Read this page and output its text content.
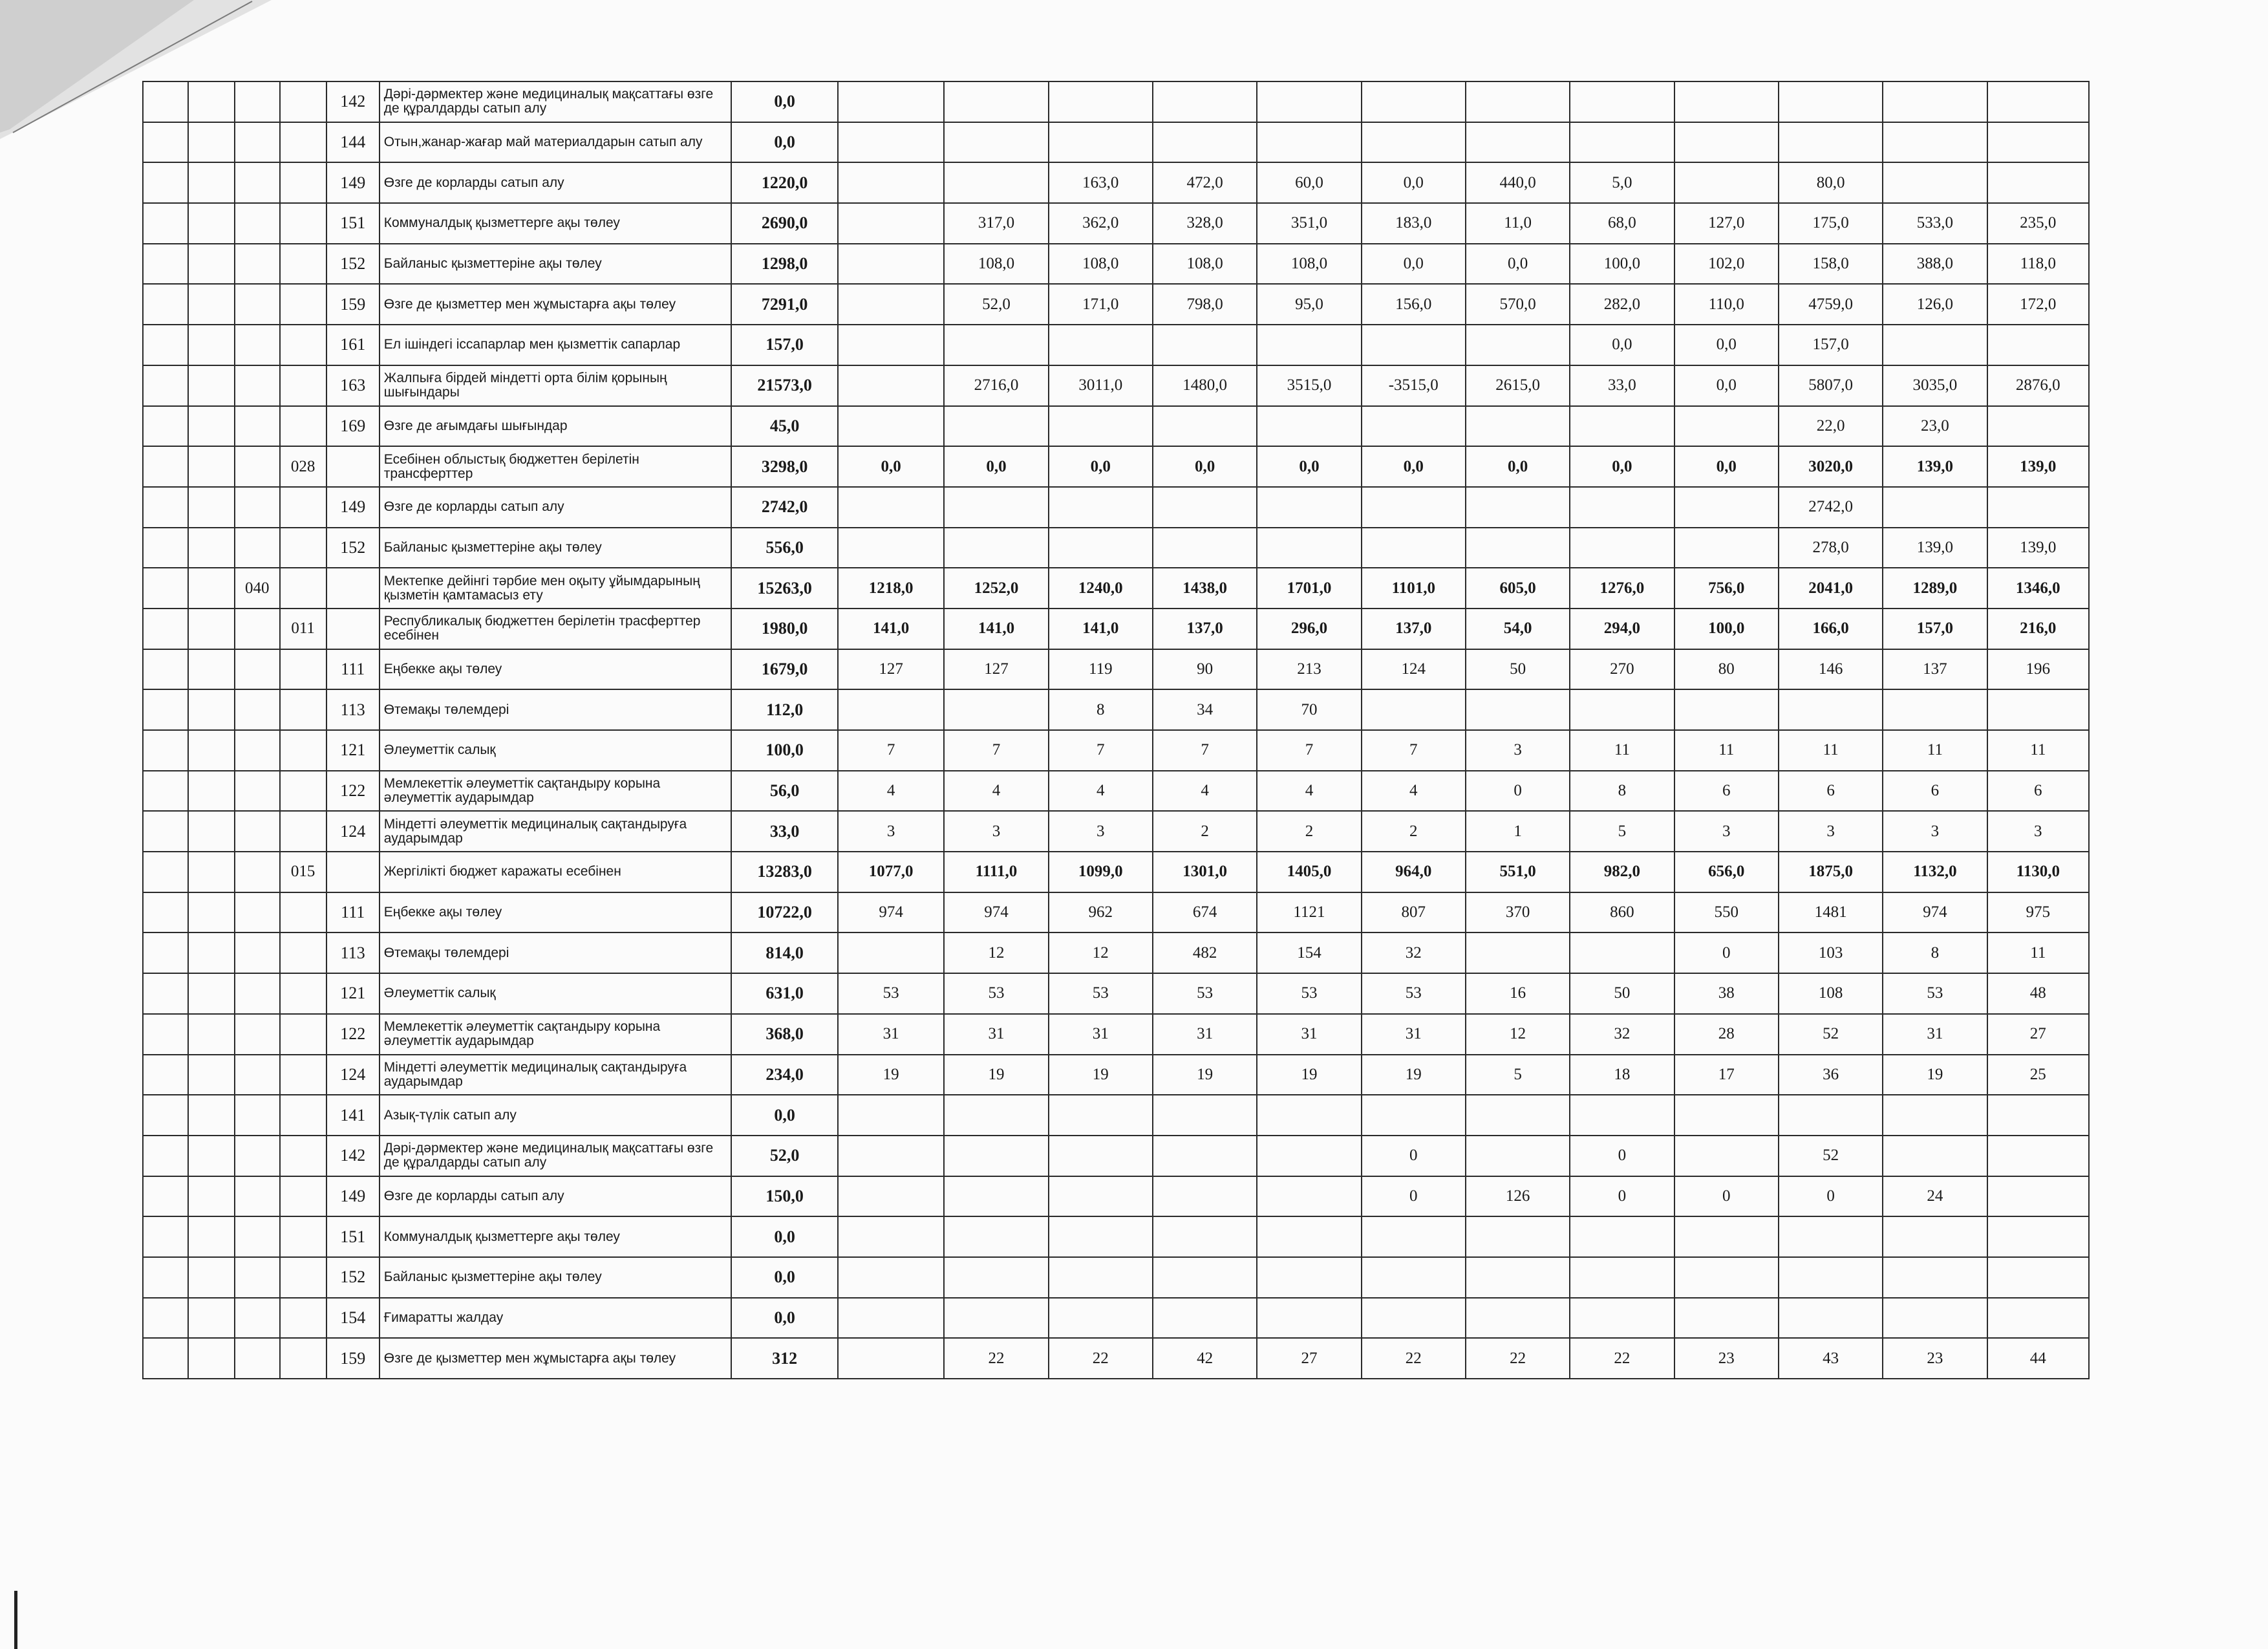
				142	Дәрі-дәрмектер және медициналық мақсаттағы өзге де құралдарды сатып алу	0,0												
				144	Отын,жанар-жағар май материалдарын сатып алу	0,0												
				149	Өзге де корларды сатып алу	1220,0			163,0	472,0	60,0	0,0	440,0	5,0		80,0		
				151	Коммуналдық қызметтерге ақы төлеу	2690,0		317,0	362,0	328,0	351,0	183,0	11,0	68,0	127,0	175,0	533,0	235,0
				152	Байланыс қызметтеріне ақы төлеу	1298,0		108,0	108,0	108,0	108,0	0,0	0,0	100,0	102,0	158,0	388,0	118,0
				159	Өзге де қызметтер мен жұмыстарға ақы төлеу	7291,0		52,0	171,0	798,0	95,0	156,0	570,0	282,0	110,0	4759,0	126,0	172,0
				161	Ел ішіндегі іссапарлар мен қызметтік сапарлар	157,0								0,0	0,0	157,0		
				163	Жалпыға бірдей міндетті орта білім қорының шығындары	21573,0		2716,0	3011,0	1480,0	3515,0	-3515,0	2615,0	33,0	0,0	5807,0	3035,0	2876,0
				169	Өзге де ағымдағы шығындар	45,0										22,0	23,0	
			028		Есебінен облыстық бюджеттен берілетін трансферттер	3298,0	0,0	0,0	0,0	0,0	0,0	0,0	0,0	0,0	0,0	3020,0	139,0	139,0
				149	Өзге де корларды сатып алу	2742,0										2742,0		
				152	Байланыс қызметтеріне ақы төлеу	556,0										278,0	139,0	139,0
		040			Мектепке дейінгі тәрбие мен оқыту ұйымдарының қызметін қамтамасыз ету	15263,0	1218,0	1252,0	1240,0	1438,0	1701,0	1101,0	605,0	1276,0	756,0	2041,0	1289,0	1346,0
			011		Республикалық бюджеттен берілетін трасферттер есебінен	1980,0	141,0	141,0	141,0	137,0	296,0	137,0	54,0	294,0	100,0	166,0	157,0	216,0
				111	Еңбекке ақы төлеу	1679,0	127	127	119	90	213	124	50	270	80	146	137	196
				113	Өтемақы төлемдері	112,0			8	34	70							
				121	Әлеуметтік салық	100,0	7	7	7	7	7	7	3	11	11	11	11	11
				122	Мемлекеттік әлеуметтік сақтандыру корына әлеуметтік аударымдар	56,0	4	4	4	4	4	4	0	8	6	6	6	6
				124	Міндетті әлеуметтік медициналық сақтандыруға аударымдар	33,0	3	3	3	2	2	2	1	5	3	3	3	3
			015		Жергілікті бюджет каражаты есебінен	13283,0	1077,0	1111,0	1099,0	1301,0	1405,0	964,0	551,0	982,0	656,0	1875,0	1132,0	1130,0
				111	Еңбекке ақы төлеу	10722,0	974	974	962	674	1121	807	370	860	550	1481	974	975
				113	Өтемақы төлемдері	814,0		12	12	482	154	32			0	103	8	11
				121	Әлеуметтік салық	631,0	53	53	53	53	53	53	16	50	38	108	53	48
				122	Мемлекеттік әлеуметтік сақтандыру корына әлеуметтік аударымдар	368,0	31	31	31	31	31	31	12	32	28	52	31	27
				124	Міндетті әлеуметтік медициналық сақтандыруға аударымдар	234,0	19	19	19	19	19	19	5	18	17	36	19	25
				141	Азық-түлік сатып алу	0,0												
				142	Дәрі-дәрмектер және медициналық мақсаттағы өзге де құралдарды сатып алу	52,0						0		0		52		
				149	Өзге де корларды сатып алу	150,0						0	126	0	0	0	24	
				151	Коммуналдық қызметтерге ақы төлеу	0,0												
				152	Байланыс қызметтеріне ақы төлеу	0,0												
				154	Ғимаратты жалдау	0,0												
				159	Өзге де қызметтер мен жұмыстарға ақы төлеу	312		22	22	42	27	22	22	22	23	43	23	44
